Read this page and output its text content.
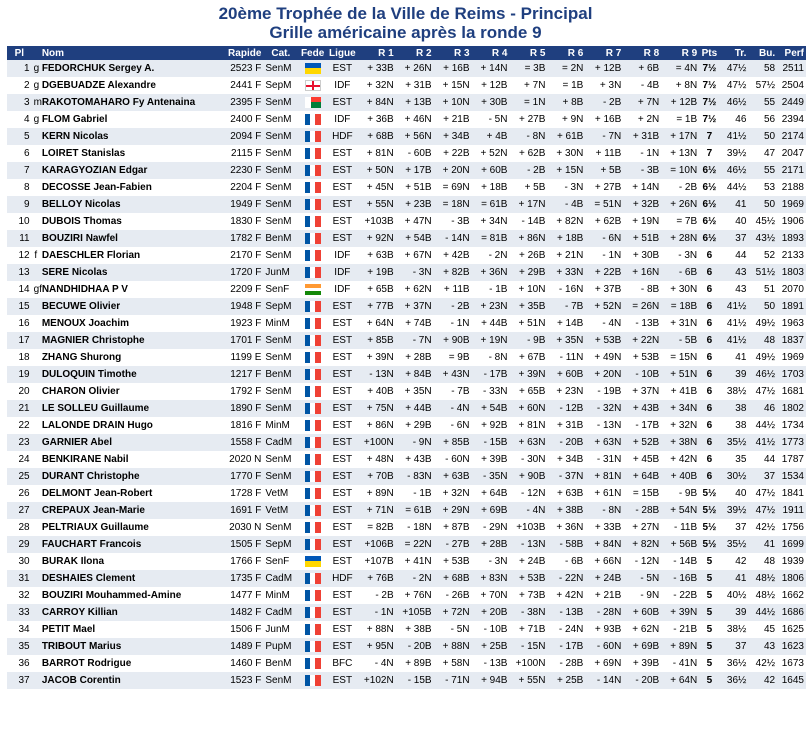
20ème Trophée de la Ville de Reims - Principal
Grille américaine après la ronde 9
Pl		Nom	Rapide	Cat.	Fede	Ligue	R 1	R 2	R 3	R 4	R 5	R 6	R 7	R 8	R 9	Pts	Tr.	Bu.	Perf
1	g	FEDORCHUK Sergey A.	2523 F	SenM		EST	+ 33B	+ 26N	+ 16B	+ 14N	= 3B	= 2N	+ 12B	+ 6B	= 4N	7½	47½	58	2511
2	g	DGEBUADZE Alexandre	2441 F	SepM		IDF	+ 32N	+ 31B	+ 15N	+ 12B	+ 7N	= 1B	+ 3N	- 4B	+ 8N	7½	47½	57½	2504
3	m	RAKOTOMAHARO Fy Antenaina	2395 F	SenM		EST	+ 84N	+ 13B	+ 10N	+ 30B	= 1N	+ 8B	- 2B	+ 7N	+ 12B	7½	46½	55	2449
4	g	FLOM Gabriel	2400 F	SenM		IDF	+ 36B	+ 46N	+ 21B	- 5N	+ 27B	+ 9N	+ 16B	+ 2N	= 1B	7½	46	56	2394
5		KERN Nicolas	2094 F	SenM		HDF	+ 68B	+ 56N	+ 34B	+ 4B	- 8N	+ 61B	- 7N	+ 31B	+ 17N	7	41½	50	2174
6		LOIRET Stanislas	2115 F	SenM		EST	+ 81N	- 60B	+ 22B	+ 52N	+ 62B	+ 30N	+ 11B	- 1N	+ 13N	7	39½	47	2047
7		KARAGYOZIAN Edgar	2230 F	SenM		EST	+ 50N	+ 17B	+ 20N	+ 60B	- 2B	+ 15N	+ 5B	- 3B	= 10N	6½	46½	55	2171
8		DECOSSE Jean-Fabien	2204 F	SenM		EST	+ 45N	+ 51B	= 69N	+ 18B	+ 5B	- 3N	+ 27B	+ 14N	- 2B	6½	44½	53	2188
9		BELLOY Nicolas	1949 F	SenM		EST	+ 55N	+ 23B	= 18N	= 61B	+ 17N	- 4B	= 51N	+ 32B	+ 26N	6½	41	50	1969
10		DUBOIS Thomas	1830 F	SenM		EST	+103B	+ 47N	- 3B	+ 34N	- 14B	+ 82N	+ 62B	+ 19N	= 7B	6½	40	45½	1906
11		BOUZIRI Nawfel	1782 F	BenM		EST	+ 92N	+ 54B	- 14N	= 81B	+ 86N	+ 18B	- 6N	+ 51B	+ 28N	6½	37	43½	1893
12	f	DAESCHLER Florian	2170 F	SenM		IDF	+ 63B	+ 67N	+ 42B	- 2N	+ 26B	+ 21N	- 1N	+ 30B	- 3N	6	44	52	2133
13		SERE Nicolas	1720 F	JunM		IDF	+ 19B	- 3N	+ 82B	+ 36N	+ 29B	+ 33N	+ 22B	+ 16N	- 6B	6	43	51½	1803
14	gf	NANDHIDHAA P V	2209 F	SenF		IDF	+ 65B	+ 62N	+ 11B	- 1B	+ 10N	- 16N	+ 37B	- 8B	+ 30N	6	43	51	2070
15		BECUWE Olivier	1948 F	SepM		EST	+ 77B	+ 37N	- 2B	+ 23N	+ 35B	- 7B	+ 52N	= 26N	= 18B	6	41½	50	1891
16		MENOUX Joachim	1923 F	MinM		EST	+ 64N	+ 74B	- 1N	+ 44B	+ 51N	+ 14B	- 4N	- 13B	+ 31N	6	41½	49½	1963
17		MAGNIER Christophe	1701 F	SenM		EST	+ 85B	- 7N	+ 90B	+ 19N	- 9B	+ 35N	+ 53B	+ 22N	- 5B	6	41½	48	1837
18		ZHANG Shurong	1199 E	SenM		EST	+ 39N	+ 28B	= 9B	- 8N	+ 67B	- 11N	+ 49N	+ 53B	= 15N	6	41	49½	1969
19		DULOQUIN Timothe	1217 F	BenM		EST	- 13N	+ 84B	+ 43N	- 17B	+ 39N	+ 60B	+ 20N	- 10B	+ 51N	6	39	46½	1703
20		CHARON Olivier	1792 F	SenM		EST	+ 40B	+ 35N	- 7B	- 33N	+ 65B	+ 23N	- 19B	+ 37N	+ 41B	6	38½	47½	1681
21		LE SOLLEU Guillaume	1890 F	SenM		EST	+ 75N	+ 44B	- 4N	+ 54B	+ 60N	- 12B	- 32N	+ 43B	+ 34N	6	38	46	1802
22		LALONDE DRAIN Hugo	1816 F	MinM		EST	+ 86N	+ 29B	- 6N	+ 92B	+ 81N	+ 31B	- 13N	- 17B	+ 32N	6	38	44½	1734
23		GARNIER Abel	1558 F	CadM		EST	+100N	- 9N	+ 85B	- 15B	+ 63N	- 20B	+ 63N	+ 52B	+ 38N	6	35½	41½	1773
24		BENKIRANE Nabil	2020 N	SenM		EST	+ 48N	+ 43B	- 60N	+ 39B	- 30N	+ 34B	- 31N	+ 45B	+ 42N	6	35	44	1787
25		DURANT Christophe	1770 F	SenM		EST	+ 70B	- 83N	+ 63B	- 35N	+ 90B	- 37N	+ 81N	+ 64B	+ 40B	6	30½	37	1534
26		DELMONT Jean-Robert	1728 F	VetM		EST	+ 89N	- 1B	+ 32N	+ 64B	- 12N	+ 63B	+ 61N	= 15B	- 9B	5½	40	47½	1841
27		CREPAUX Jean-Marie	1691 F	VetM		EST	+ 71N	= 61B	+ 29N	+ 69B	- 4N	+ 38B	- 8N	- 28B	+ 54N	5½	39½	47½	1911
28		PELTRIAUX Guillaume	2030 N	SenM		EST	= 82B	- 18N	+ 87B	- 29N	+103B	+ 36N	+ 33B	+ 27N	- 11B	5½	37	42½	1756
29		FAUCHART Francois	1505 F	SepM		EST	+106B	= 22N	- 27B	+ 28B	- 13N	- 58B	+ 84N	+ 82N	+ 56B	5½	35½	41	1699
30		BURAK Ilona	1766 F	SenF		EST	+107B	+ 41N	+ 53B	- 3N	+ 24B	- 6B	+ 66N	- 12N	- 14B	5	42	48	1939
31		DESHAIES Clement	1735 F	CadM		HDF	+ 76B	- 2N	+ 68B	+ 83N	+ 53B	- 22N	+ 24B	- 5N	- 16B	5	41	48½	1806
32		BOUZIRI Mouhammed-Amine	1477 F	MinM		EST	- 2B	+ 76N	- 26B	+ 70N	+ 73B	+ 42N	+ 21B	- 9N	- 22B	5	40½	48½	1662
33		CARROY Killian	1482 F	CadM		EST	- 1N	+105B	+ 72N	+ 20B	- 38N	- 13B	- 28N	+ 60B	+ 39N	5	39	44½	1686
34		PETIT Mael	1506 F	JunM		EST	+ 88N	+ 38B	- 5N	- 10B	+ 71B	- 24N	+ 93B	+ 62N	- 21B	5	38½	45	1625
35		TRIBOUT Marius	1489 F	PupM		EST	+ 95N	- 20B	+ 88N	+ 25B	- 15N	- 17B	- 60N	+ 69B	+ 89N	5	37	43	1623
36		BARROT Rodrigue	1460 F	BenM		BFC	- 4N	+ 89B	+ 58N	- 13B	+100N	- 28B	+ 69N	+ 39B	- 41N	5	36½	42½	1673
37		JACOB Corentin	1523 F	SenM		EST	+102N	- 15B	- 71N	+ 94B	+ 55N	+ 25B	- 14N	- 20B	+ 64N	5	36½	42	1645
